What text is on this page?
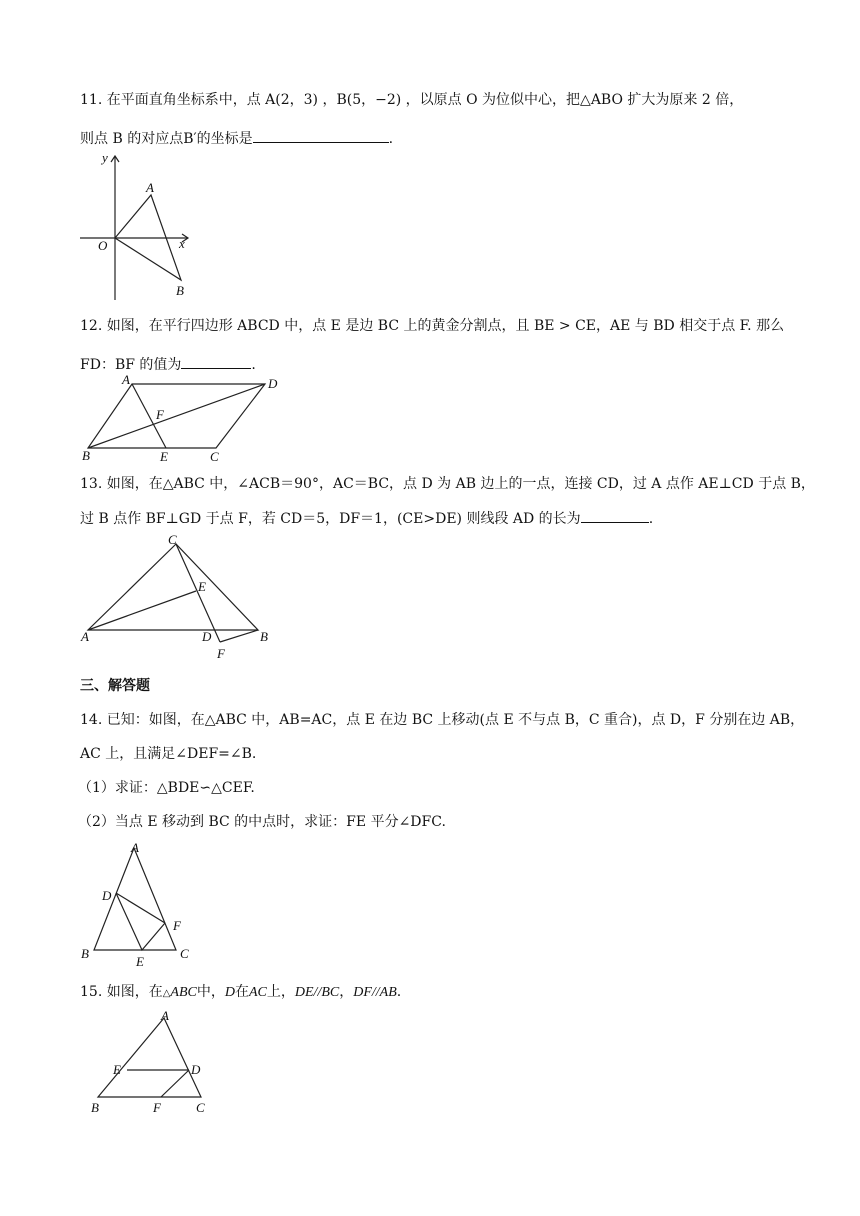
11. 在平面直角坐标系中，点 A(2，3) ，B(5，−2) ，以原点 O 为位似中心，把△ABO 扩大为原来 2 倍，
则点 B 的对应点B′的坐标是	.
y
A
O	x
B
12. 如图，在平行四边形 ABCD 中，点 E 是边 BC 上的黄金分割点，且 BE > CE，AE 与 BD 相交于点 F. 那么
FD：BF 的值为	.
A	D
F
B	E	C
13. 如图，在△ABC 中，∠ACB＝90°，AC＝BC，点 D 为 AB 边上的一点，连接 CD，过 A 点作 AE⊥CD 于点 B，
过 B 点作 BF⊥GD 于点 F，若 CD＝5，DF＝1，(CE>DE) 则线段 AD 的长为	.
C
E
A	D	B
F
三、解答题
14. 已知：如图，在△ABC 中，AB=AC，点 E 在边 BC 上移动(点 E 不与点 B，C 重合)，点 D，F 分别在边 AB，
AC 上，且满足∠DEF=∠B.
（1）求证：△BDE∽△CEF.
（2）当点 E 移动到 BC 的中点时，求证：FE 平分∠DFC.
A
D
F
B
E
C
15. 如图，在△ABC中，D在AC上，DE//BC，DF//AB.
A
E	D
B	F	C
